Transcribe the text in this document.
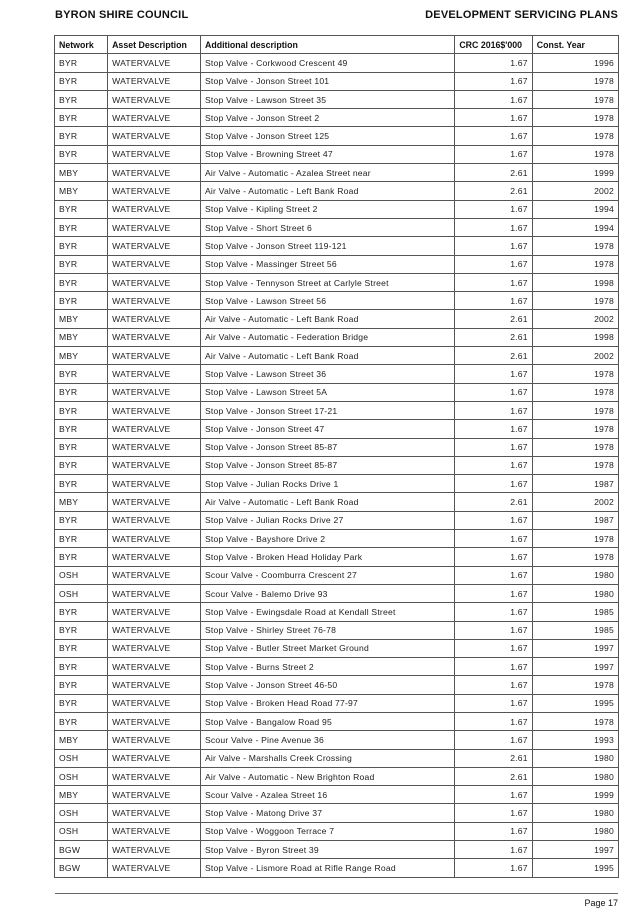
BYRON SHIRE COUNCIL	DEVELOPMENT SERVICING PLANS
Network	Asset Description	Additional description	CRC 2016$'000	Const. Year
BYR	WATERVALVE	Stop Valve - Corkwood Crescent 49	1.67	1996
BYR	WATERVALVE	Stop Valve - Jonson Street 101	1.67	1978
BYR	WATERVALVE	Stop Valve - Lawson Street 35	1.67	1978
BYR	WATERVALVE	Stop Valve - Jonson Street 2	1.67	1978
BYR	WATERVALVE	Stop Valve - Jonson Street 125	1.67	1978
BYR	WATERVALVE	Stop Valve - Browning Street 47	1.67	1978
MBY	WATERVALVE	Air Valve - Automatic - Azalea Street near	2.61	1999
MBY	WATERVALVE	Air Valve - Automatic - Left Bank Road	2.61	2002
BYR	WATERVALVE	Stop Valve - Kipling Street 2	1.67	1994
BYR	WATERVALVE	Stop Valve - Short Street 6	1.67	1994
BYR	WATERVALVE	Stop Valve - Jonson Street 119-121	1.67	1978
BYR	WATERVALVE	Stop Valve - Massinger Street 56	1.67	1978
BYR	WATERVALVE	Stop Valve - Tennyson Street at Carlyle Street	1.67	1998
BYR	WATERVALVE	Stop Valve - Lawson Street 56	1.67	1978
MBY	WATERVALVE	Air Valve - Automatic - Left Bank Road	2.61	2002
MBY	WATERVALVE	Air Valve - Automatic - Federation Bridge	2.61	1998
MBY	WATERVALVE	Air Valve - Automatic - Left Bank Road	2.61	2002
BYR	WATERVALVE	Stop Valve - Lawson Street 36	1.67	1978
BYR	WATERVALVE	Stop Valve - Lawson Street 5A	1.67	1978
BYR	WATERVALVE	Stop Valve - Jonson Street 17-21	1.67	1978
BYR	WATERVALVE	Stop Valve - Jonson Street 47	1.67	1978
BYR	WATERVALVE	Stop Valve - Jonson Street 85-87	1.67	1978
BYR	WATERVALVE	Stop Valve - Jonson Street 85-87	1.67	1978
BYR	WATERVALVE	Stop Valve - Julian Rocks Drive 1	1.67	1987
MBY	WATERVALVE	Air Valve - Automatic - Left Bank Road	2.61	2002
BYR	WATERVALVE	Stop Valve - Julian Rocks Drive 27	1.67	1987
BYR	WATERVALVE	Stop Valve - Bayshore Drive 2	1.67	1978
BYR	WATERVALVE	Stop Valve - Broken Head Holiday Park	1.67	1978
OSH	WATERVALVE	Scour Valve - Coomburra Crescent 27	1.67	1980
OSH	WATERVALVE	Scour Valve - Balemo Drive 93	1.67	1980
BYR	WATERVALVE	Stop Valve - Ewingsdale Road at Kendall Street	1.67	1985
BYR	WATERVALVE	Stop Valve - Shirley Street 76-78	1.67	1985
BYR	WATERVALVE	Stop Valve - Butler Street Market Ground	1.67	1997
BYR	WATERVALVE	Stop Valve - Burns Street 2	1.67	1997
BYR	WATERVALVE	Stop Valve - Jonson Street 46-50	1.67	1978
BYR	WATERVALVE	Stop Valve - Broken Head Road 77-97	1.67	1995
BYR	WATERVALVE	Stop Valve - Bangalow Road 95	1.67	1978
MBY	WATERVALVE	Scour Valve - Pine Avenue 36	1.67	1993
OSH	WATERVALVE	Air Valve - Marshalls Creek Crossing	2.61	1980
OSH	WATERVALVE	Air Valve - Automatic - New Brighton Road	2.61	1980
MBY	WATERVALVE	Scour Valve - Azalea Street 16	1.67	1999
OSH	WATERVALVE	Stop Valve - Matong Drive 37	1.67	1980
OSH	WATERVALVE	Stop Valve - Woggoon Terrace 7	1.67	1980
BGW	WATERVALVE	Stop Valve - Byron Street 39	1.67	1997
BGW	WATERVALVE	Stop Valve - Lismore Road at Rifle Range Road	1.67	1995
Page 17
